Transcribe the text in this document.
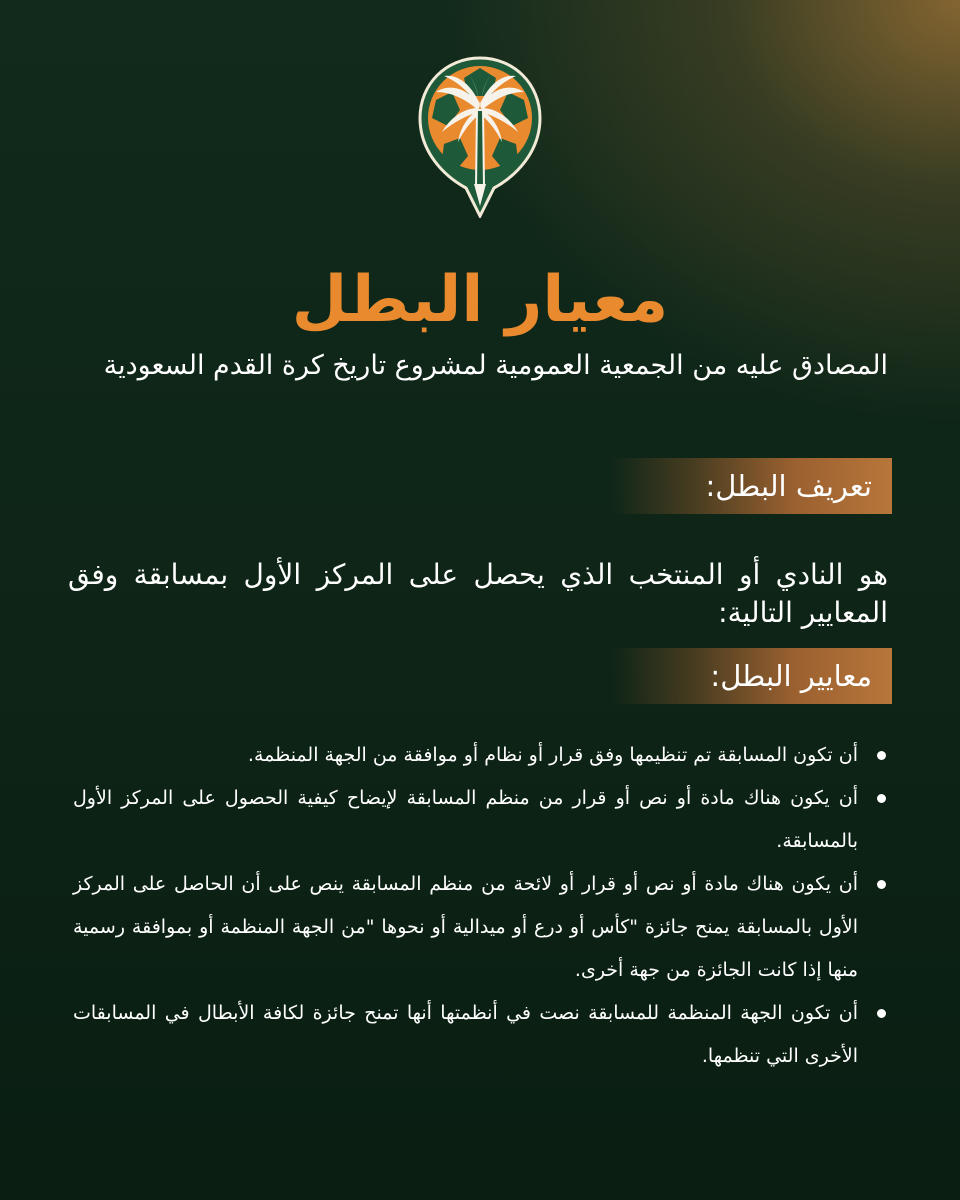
معيار البطل
المصادق عليه من الجمعية العمومية لمشروع تاريخ كرة القدم السعودية
تعريف البطل:
هو النادي أو المنتخب الذي يحصل على المركز الأول بمسابقة وفق المعايير التالية:
معايير البطل:
أن تكون المسابقة تم تنظيمها وفق قرار أو نظام أو موافقة من الجهة المنظمة.
أن يكون هناك مادة أو نص أو قرار من منظم المسابقة لإيضاح كيفية الحصول على المركز الأول بالمسابقة.
أن يكون هناك مادة أو نص أو قرار أو لائحة من منظم المسابقة ينص على أن الحاصل على المركز الأول بالمسابقة يمنح جائزة "كأس أو درع أو ميدالية أو نحوها "من الجهة المنظمة أو بموافقة رسمية منها إذا كانت الجائزة من جهة أخرى.
أن تكون الجهة المنظمة للمسابقة نصت في أنظمتها أنها تمنح جائزة لكافة الأبطال في المسابقات الأخرى التي تنظمها.
